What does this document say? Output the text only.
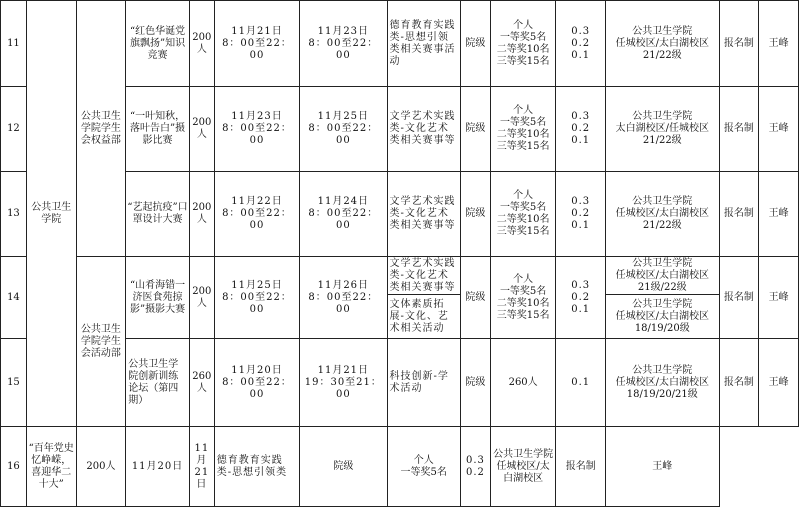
11	公共卫生学院	公共卫生学院学生会权益部	“红色华诞党旗飘扬”知识竞赛	200人	11月21日
8：00至22：00	11月23日
8：00至22：00	德育教育实践类-思想引领类相关赛事活动	院级	个人
一等奖5名
二等奖10名
三等奖15名	0.3
0.2
0.1	公共卫生学院
任城校区/太白湖校区
21/22级	报名制	王峰
12			“一叶知秋，落叶告白”摄影比赛	200人	11月23日
8：00至22：00	11月25日
8：00至22：00	文学艺术实践类-文化艺术类相关赛事等	院级	个人
一等奖5名
二等奖10名
三等奖15名	0.3
0.2
0.1	公共卫生学院
太白湖校区/任城校区
21/22级	报名制	王峰
13			“艺起抗疫”口罩设计大赛	200人	11月22日
8：00至22：00	11月24日
8：00至22：00	文学艺术实践类-文化艺术类相关赛事等	院级	个人
一等奖5名
二等奖10名
三等奖15名	0.3
0.2
0.1	公共卫生学院
任城校区/太白湖校区
21/22级	报名制	王峰
14		公共卫生学院学生会活动部	“山肴海错一济医食苑掠影”摄影大赛	200人	11月25日
8：00至22：00	11月26日
8：00至22：00	文学艺术实践类-文化艺术类相关赛事等	院级	个人
一等奖5名
二等奖10名
三等奖15名	0.3
0.2
0.1	公共卫生学院
任城校区/太白湖校区
21级/22级	报名制	王峰
							文体素质拓展-文化、艺术相关活动				公共卫生学院
任城校区/太白湖校区
18/19/20级		
15			公共卫生学院创新训练论坛（第四期）	260人	11月20日
8：00至22：00	11月21日
19：30至21：00	科技创新-学术活动	院级	260人	0.1	公共卫生学院
任城校区/太白湖校区
18/19/20/21级	报名制	王峰
16	“百年党史忆峥嵘，喜迎华二十大”	200人	11月20日	11月21日	德育教育实践类-思想引领类	院级	个人
一等奖5名	0.3
0.2	公共卫生学院
任城校区/太白湖校区	报名制	王峰		
